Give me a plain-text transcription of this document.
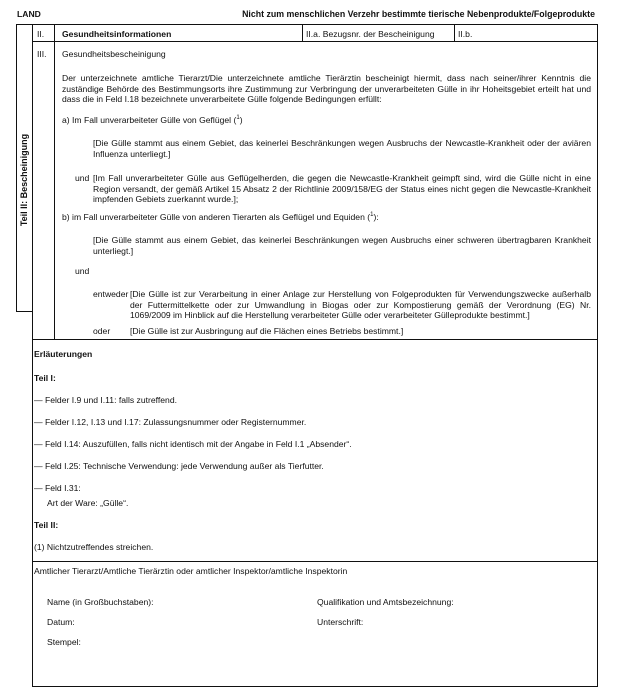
LAND	Nicht zum menschlichen Verzehr bestimmte tierische Nebenprodukte/Folgeprodukte
Teil II: Bescheinigung
II. Gesundheitsinformationen	II.a. Bezugsnr. der Bescheinigung	II.b.
III. Gesundheitsbescheinigung
Der unterzeichnete amtliche Tierarzt/Die unterzeichnete amtliche Tierärztin bescheinigt hiermit, dass nach seiner/ihrer Kenntnis die zuständige Behörde des Bestimmungsorts ihre Zustimmung zur Verbringung der unverarbeiteten Gülle in ihr Hoheitsgebiet erteilt hat und dass die in Feld I.18 bezeichnete unverarbeitete Gülle folgende Bedingungen erfüllt:
a) Im Fall unverarbeiteter Gülle von Geflügel ($^1$)
[Die Gülle stammt aus einem Gebiet, das keinerlei Beschränkungen wegen Ausbruchs der Newcastle-Krankheit oder der aviären Influenza unterliegt.]
und [Im Fall unverarbeiteter Gülle aus Geflügelherden, die gegen die Newcastle-Krankheit geimpft sind, wird die Gülle nicht in eine Region versandt, der gemäß Artikel 15 Absatz 2 der Richtlinie 2009/158/EG der Status eines nicht gegen die Newcastle-Krankheit impfenden Gebiets zuerkannt wurde.];
b) im Fall unverarbeiteter Gülle von anderen Tierarten als Geflügel und Equiden ($^1$):
[Die Gülle stammt aus einem Gebiet, das keinerlei Beschränkungen wegen Ausbruchs einer schweren übertragbaren Krankheit unterliegt.]
und
entweder [Die Gülle ist zur Verarbeitung in einer Anlage zur Herstellung von Folgeprodukten für Verwendungszwecke außerhalb der Futtermittelkette oder zur Umwandlung in Biogas oder zur Kompostierung gemäß der Verordnung (EG) Nr. 1069/2009 im Hinblick auf die Herstellung verarbeiteter Gülle oder verarbeiteter Gülleprodukte bestimmt.]
oder [Die Gülle ist zur Ausbringung auf die Flächen eines Betriebs bestimmt.]
Erläuterungen
Teil I:
— Felder I.9 und I.11: falls zutreffend.
— Felder I.12, I.13 und I.17: Zulassungsnummer oder Registernummer.
— Feld I.14: Auszufüllen, falls nicht identisch mit der Angabe in Feld I.1 „Absender“.
— Feld I.25: Technische Verwendung: jede Verwendung außer als Tierfutter.
— Feld I.31:
Art der Ware: „Gülle“.
Teil II:
(1) Nichtzutreffendes streichen.
Amtlicher Tierarzt/Amtliche Tierärztin oder amtlicher Inspektor/amtliche Inspektorin
Name (in Großbuchstaben):	Qualifikation und Amtsbezeichnung:
Datum:	Unterschrift:
Stempel:
